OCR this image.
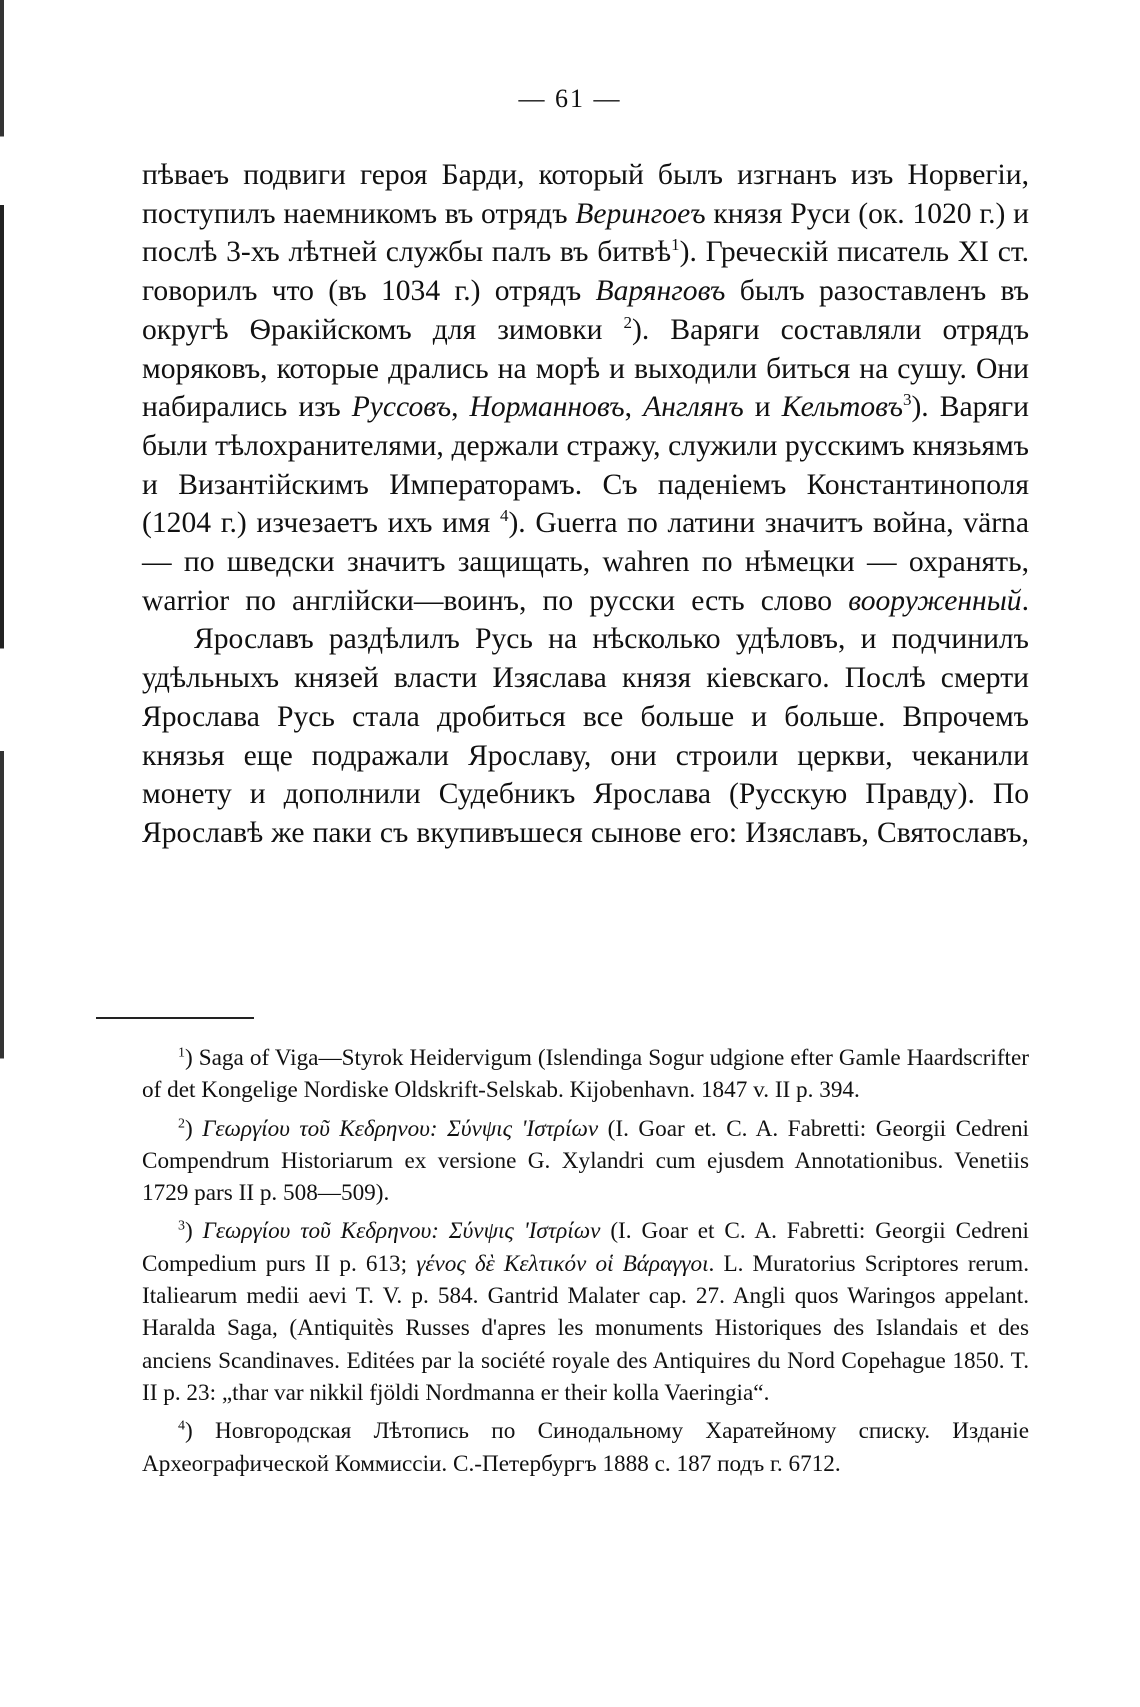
— 61 —

пѣваеъ подвиги героя Барди, который былъ изгнанъ изъ Норвегiи, поступилъ наемникомъ въ отрядъ Верингоеъ князя Руси (ок. 1020 г.) и послѣ 3-хъ лѣтней службы палъ въ битвѣ$^1$). Греческiй писатель XI ст. говорилъ что (въ 1034 г.) отрядъ Варянговъ былъ разоставленъ въ округѣ Ѳракiйскомъ для зимовки $^2$). Варяги составляли отрядъ моряковъ, которые дрались на морѣ и выходили биться на сушу. Они набирались изъ Руссовъ, Норманновъ, Англянъ и Кельтовъ$^3$). Варяги были тѣлохранителями, держали стражу, служили русскимъ князьямъ и Византiйскимъ Императорамъ. Съ паденiемъ Константинополя (1204 г.) изчезаетъ ихъ имя $^4$). Guerra по латини значитъ война, värna — по шведски значитъ защищать, wahren по нѣмецки — охранять, warrior по англiйски—воинъ, по русски есть слово вооруженный.

Ярославъ раздѣлилъ Русь на нѣсколько удѣловъ, и подчинилъ удѣльныхъ князей власти Изяслава князя кiевскаго. Послѣ смерти Ярослава Русь стала дробиться все больше и больше. Впрочемъ князья еще подражали Ярославу, они строили церкви, чеканили монету и дополнили Судебникъ Ярослава (Русскую Правду). По Ярославѣ же паки съ вкупивъшеся сынове его: Изяславъ, Святославъ,

$^1$) Saga of Viga—Styrok Heidervigum (Islendinga Sogur udgione efter Gamle Haardscrifter of det Kongelige Nordiske Oldskrift-Selskab. Kijobenhavn. 1847 v. II p. 394.

$^2$) Γεωργίου τοῦ Κεδρηνου: Σύνψις 'Ιστρίων (I. Goar et. C. A. Fabretti: Georgii Cedreni Compendrum Historiarum ex versione G. Xylandri cum ejusdem Annotationibus. Venetiis 1729 pars II p. 508—509).

$^3$) Γεωργίου τοῦ Κεδρηνου: Σύνψις 'Ιστρίων (I. Goar et C. A. Fabretti: Georgii Cedreni Compedium purs II p. 613; γένος δὲ Κελτικόν οἱ Βάραγγοι. L. Muratorius Scriptores rerum. Italiearum medii aevi T. V. p. 584. Gantrid Malater cap. 27. Angli quos Waringos appelant. Haralda Saga, (Antiquitès Russes d'apres les monuments Historiques des Islandais et des anciens Scandinaves. Editées par la société royale des Antiquires du Nord Copehague 1850. T. II p. 23: „thar var nikkil fjöldi Nordmanna er their kolla Vaeringia“.

$^4$) Новгородская Лѣтопись по Синодальному Харатейному списку. Изданiе Археографической Коммиссiи. С.-Петербургъ 1888 с. 187 подъ г. 6712.
